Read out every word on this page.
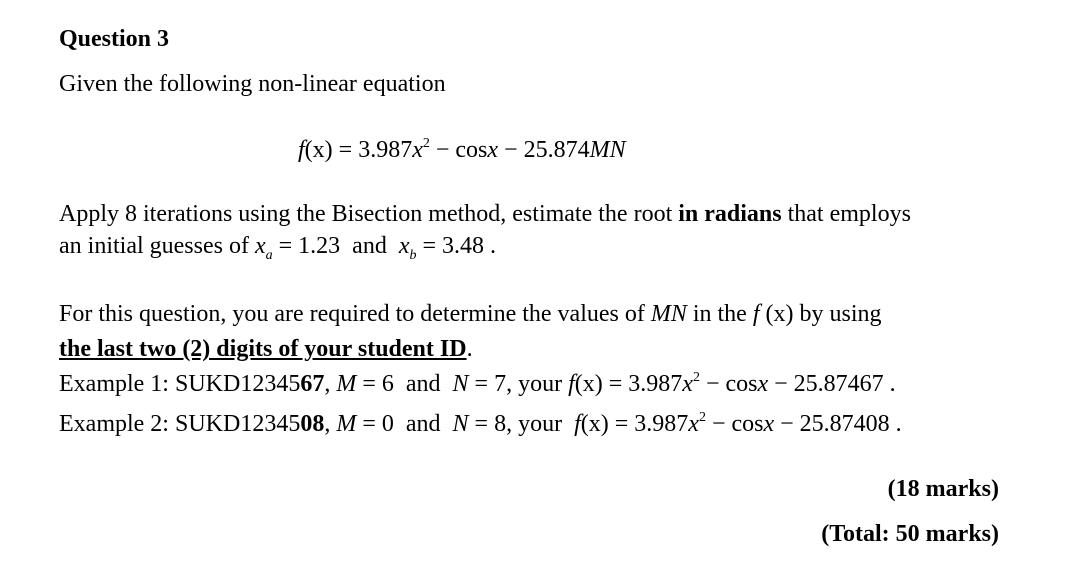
Question 3
Given the following non-linear equation
$f(x) = 3.987x^2 - \cos x - 25.874MN$
Apply 8 iterations using the Bisection method, estimate the root in radians that employs
an initial guesses of $x_a = 1.23$  and  $x_b = 3.48$ .
For this question, you are required to determine the values of MN in the f (x) by using
the last two (2) digits of your student ID.
Example 1: SUKD1234567, M = 6  and  N = 7, your $f(x) = 3.987x^2 - \cos x - 25.87467$ .
Example 2: SUKD1234508, M = 0  and  N = 8, your  $f(x) = 3.987x^2 - \cos x - 25.87408$ .
(18 marks)
(Total: 50 marks)
